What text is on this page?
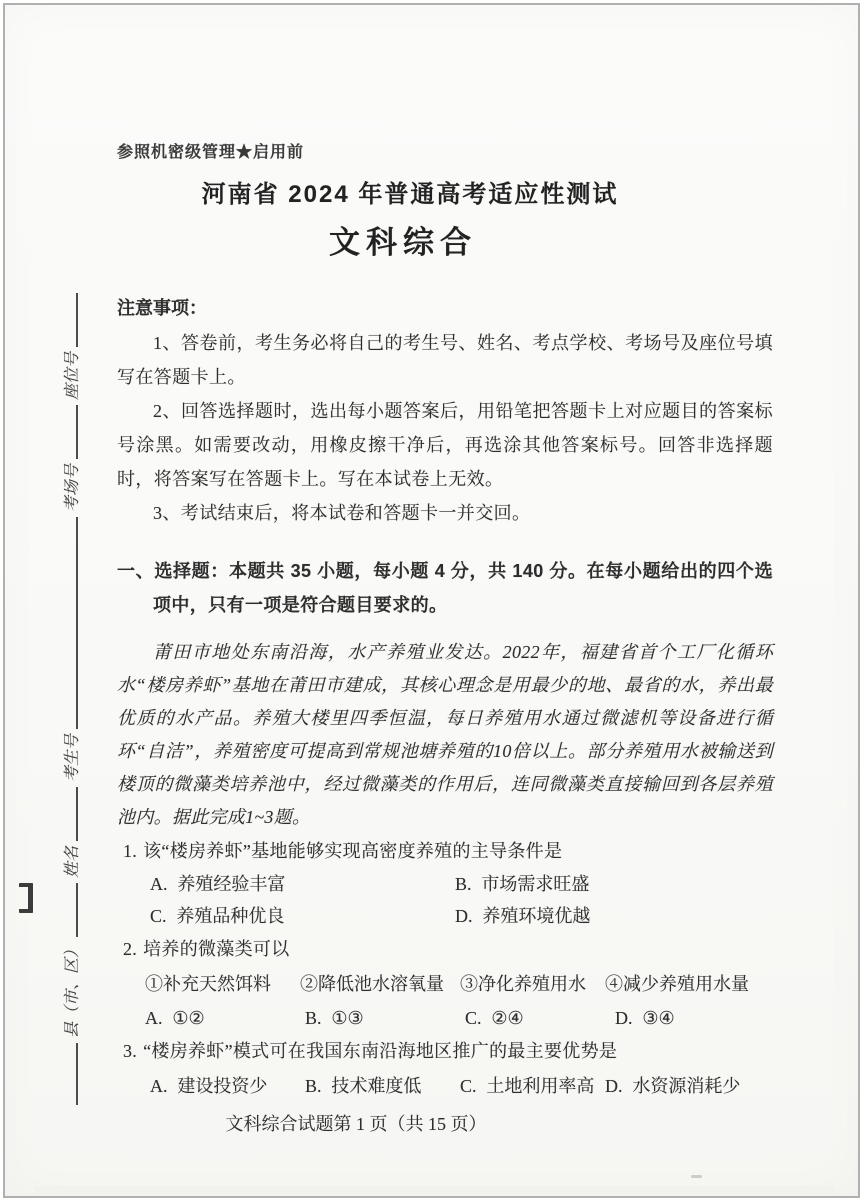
县（市、区）
姓名
考生号
考场号
座位号
参照机密级管理★启用前
河南省 2024 年普通高考适应性测试
文科综合
注意事项：

1、答卷前，考生务必将自己的考生号、姓名、考点学校、考场号及座位号填写在答题卡上。

2、回答选择题时，选出每小题答案后，用铅笔把答题卡上对应题目的答案标号涂黑。如需要改动，用橡皮擦干净后，再选涂其他答案标号。回答非选择题时，将答案写在答题卡上。写在本试卷上无效。

3、考试结束后，将本试卷和答题卡一并交回。

一、选择题：本题共 35 小题，每小题 4 分，共 140 分。在每小题给出的四个选项中，只有一项是符合题目要求的。

莆田市地处东南沿海，水产养殖业发达。2022年，福建省首个工厂化循环水“楼房养虾”基地在莆田市建成，其核心理念是用最少的地、最省的水，养出最优质的水产品。养殖大楼里四季恒温，每日养殖用水通过微滤机等设备进行循环“自洁”，养殖密度可提高到常规池塘养殖的10倍以上。部分养殖用水被输送到楼顶的微藻类培养池中，经过微藻类的作用后，连同微藻类直接输回到各层养殖池内。据此完成1~3题。

1. 该“楼房养虾”基地能够实现高密度养殖的主导条件是
A. 养殖经验丰富	B. 市场需求旺盛
C. 养殖品种优良	D. 养殖环境优越
2. 培养的微藻类可以
①补充天然饵料	②降低池水溶氧量 ③净化养殖用水	④减少养殖用水量
A. ①②	B. ①③	C. ②④	D. ③④
3. “楼房养虾”模式可在我国东南沿海地区推广的最主要优势是
A. 建设投资少	B. 技术难度低	C. 土地利用率高 D. 水资源消耗少
文科综合试题第 1 页（共 15 页）
